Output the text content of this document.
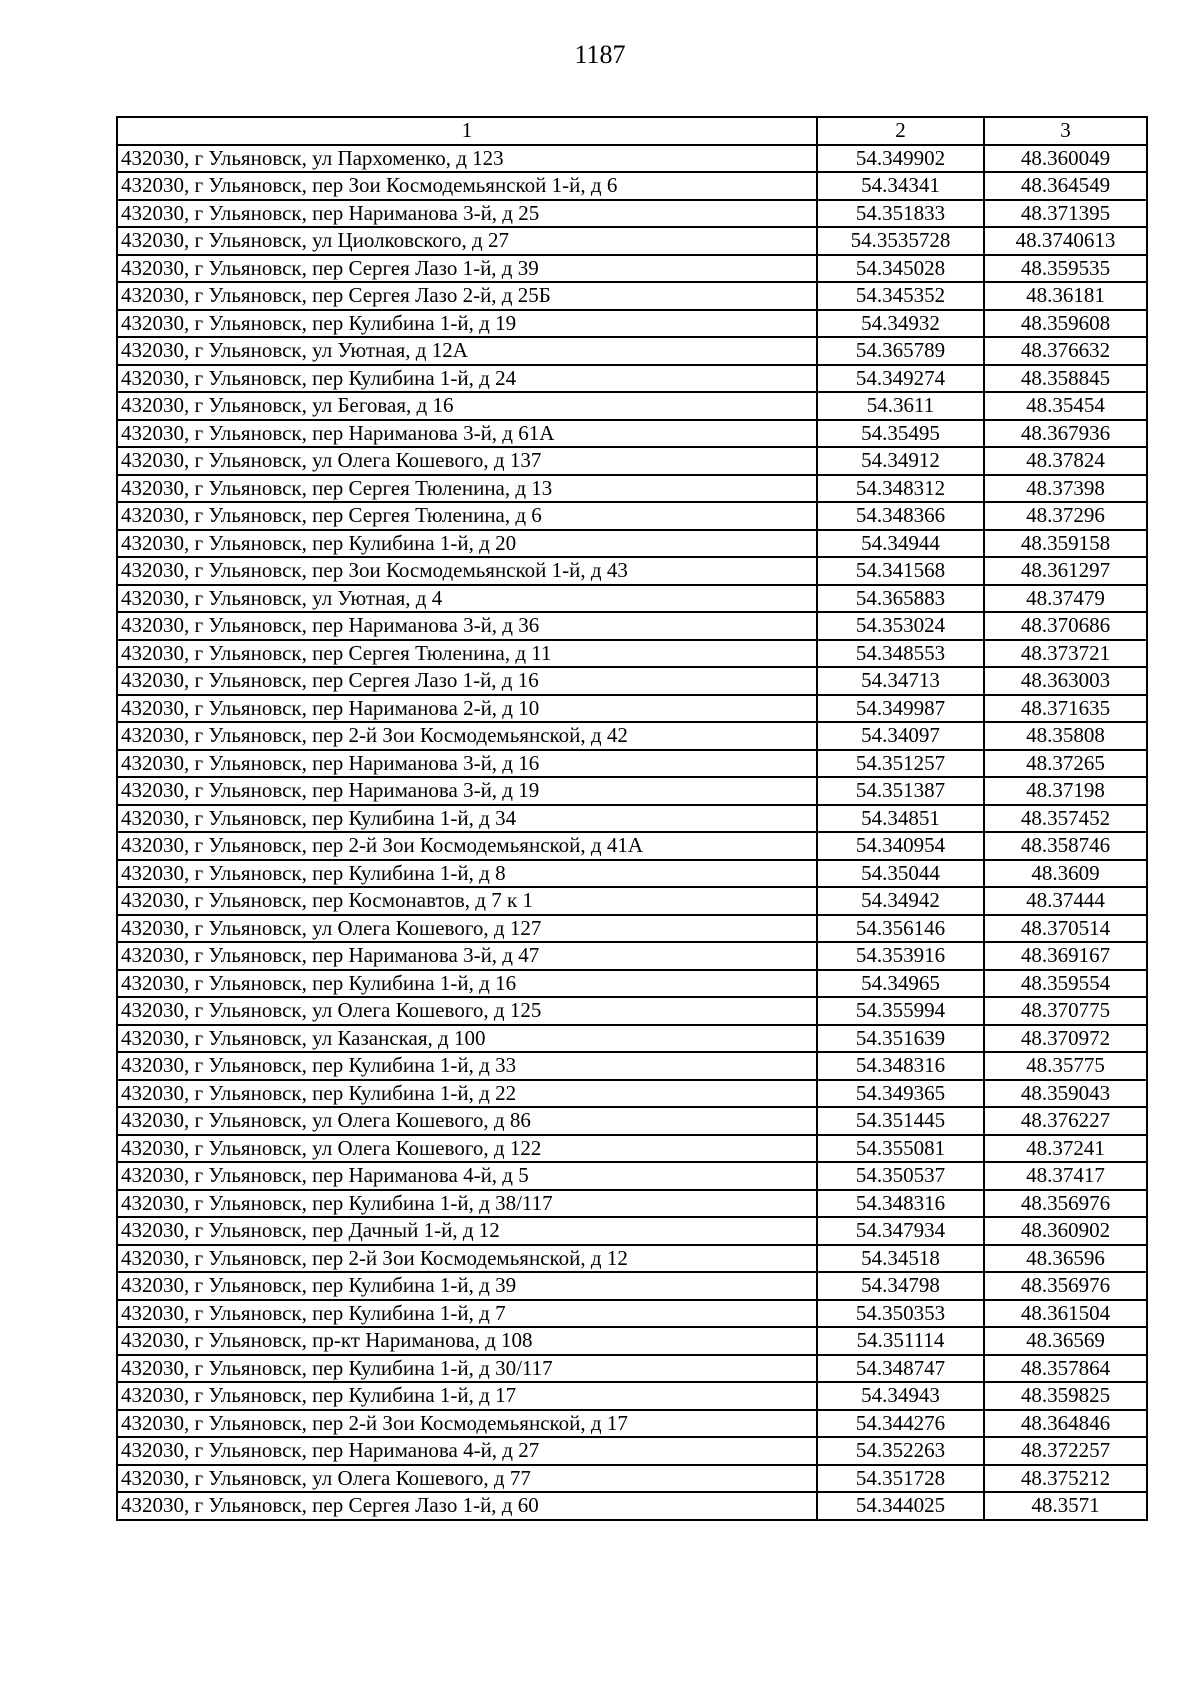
1187
1	2	3
432030, г Ульяновск, ул Пархоменко, д 123	54.349902	48.360049
432030, г Ульяновск, пер Зои Космодемьянской 1-й, д 6	54.34341	48.364549
432030, г Ульяновск, пер Нариманова 3-й, д 25	54.351833	48.371395
432030, г Ульяновск, ул Циолковского, д 27	54.3535728	48.3740613
432030, г Ульяновск, пер Сергея Лазо 1-й, д 39	54.345028	48.359535
432030, г Ульяновск, пер Сергея Лазо 2-й, д 25Б	54.345352	48.36181
432030, г Ульяновск, пер Кулибина 1-й, д 19	54.34932	48.359608
432030, г Ульяновск, ул Уютная, д 12А	54.365789	48.376632
432030, г Ульяновск, пер Кулибина 1-й, д 24	54.349274	48.358845
432030, г Ульяновск, ул Беговая, д 16	54.3611	48.35454
432030, г Ульяновск, пер Нариманова 3-й, д 61А	54.35495	48.367936
432030, г Ульяновск, ул Олега Кошевого, д 137	54.34912	48.37824
432030, г Ульяновск, пер Сергея Тюленина, д 13	54.348312	48.37398
432030, г Ульяновск, пер Сергея Тюленина, д 6	54.348366	48.37296
432030, г Ульяновск, пер Кулибина 1-й, д 20	54.34944	48.359158
432030, г Ульяновск, пер Зои Космодемьянской 1-й, д 43	54.341568	48.361297
432030, г Ульяновск, ул Уютная, д 4	54.365883	48.37479
432030, г Ульяновск, пер Нариманова 3-й, д 36	54.353024	48.370686
432030, г Ульяновск, пер Сергея Тюленина, д 11	54.348553	48.373721
432030, г Ульяновск, пер Сергея Лазо 1-й, д 16	54.34713	48.363003
432030, г Ульяновск, пер Нариманова 2-й, д 10	54.349987	48.371635
432030, г Ульяновск, пер 2-й Зои Космодемьянской, д 42	54.34097	48.35808
432030, г Ульяновск, пер Нариманова 3-й, д 16	54.351257	48.37265
432030, г Ульяновск, пер Нариманова 3-й, д 19	54.351387	48.37198
432030, г Ульяновск, пер Кулибина 1-й, д 34	54.34851	48.357452
432030, г Ульяновск, пер 2-й Зои Космодемьянской, д 41А	54.340954	48.358746
432030, г Ульяновск, пер Кулибина 1-й, д 8	54.35044	48.3609
432030, г Ульяновск, пер Космонавтов, д 7 к 1	54.34942	48.37444
432030, г Ульяновск, ул Олега Кошевого, д 127	54.356146	48.370514
432030, г Ульяновск, пер Нариманова 3-й, д 47	54.353916	48.369167
432030, г Ульяновск, пер Кулибина 1-й, д 16	54.34965	48.359554
432030, г Ульяновск, ул Олега Кошевого, д 125	54.355994	48.370775
432030, г Ульяновск, ул Казанская, д 100	54.351639	48.370972
432030, г Ульяновск, пер Кулибина 1-й, д 33	54.348316	48.35775
432030, г Ульяновск, пер Кулибина 1-й, д 22	54.349365	48.359043
432030, г Ульяновск, ул Олега Кошевого, д 86	54.351445	48.376227
432030, г Ульяновск, ул Олега Кошевого, д 122	54.355081	48.37241
432030, г Ульяновск, пер Нариманова 4-й, д 5	54.350537	48.37417
432030, г Ульяновск, пер Кулибина 1-й, д 38/117	54.348316	48.356976
432030, г Ульяновск, пер Дачный 1-й, д 12	54.347934	48.360902
432030, г Ульяновск, пер 2-й Зои Космодемьянской, д 12	54.34518	48.36596
432030, г Ульяновск, пер Кулибина 1-й, д 39	54.34798	48.356976
432030, г Ульяновск, пер Кулибина 1-й, д 7	54.350353	48.361504
432030, г Ульяновск, пр-кт Нариманова, д 108	54.351114	48.36569
432030, г Ульяновск, пер Кулибина 1-й, д 30/117	54.348747	48.357864
432030, г Ульяновск, пер Кулибина 1-й, д 17	54.34943	48.359825
432030, г Ульяновск, пер 2-й Зои Космодемьянской, д 17	54.344276	48.364846
432030, г Ульяновск, пер Нариманова 4-й, д 27	54.352263	48.372257
432030, г Ульяновск, ул Олега Кошевого, д 77	54.351728	48.375212
432030, г Ульяновск, пер Сергея Лазо 1-й, д 60	54.344025	48.3571
